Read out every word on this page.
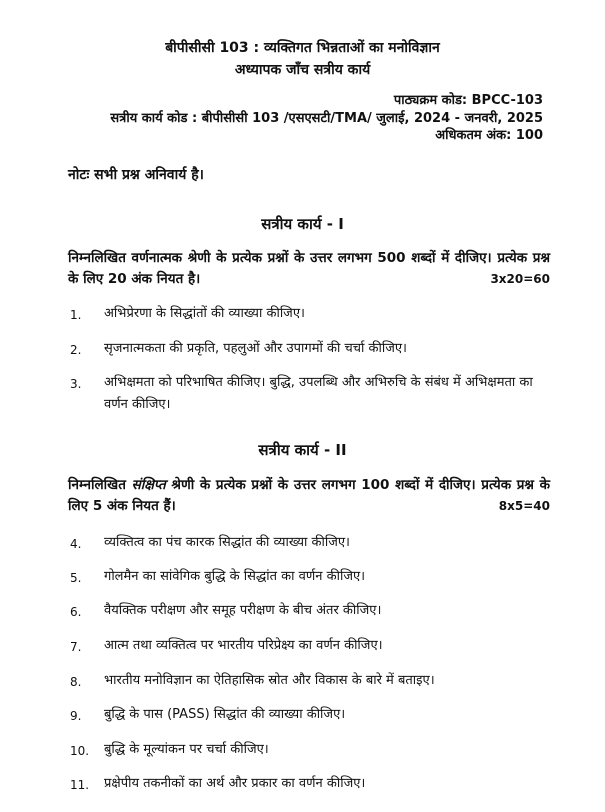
बीपीसीसी 103 : व्यक्तिगत भिन्नताओं का मनोविज्ञान
अध्यापक जाँच सत्रीय कार्य
पाठ्यक्रम कोड: BPCC-103
सत्रीय कार्य कोड : बीपीसीसी 103 /एसएसटी/TMA/ जुलाई, 2024 - जनवरी, 2025
अधिकतम अंक: 100
नोटः सभी प्रश्न अनिवार्य है।
सत्रीय कार्य - I
निम्नलिखित वर्णनात्मक श्रेणी के प्रत्येक प्रश्नों के उत्तर लगभग 500 शब्दों में दीजिए। प्रत्येक प्रश्न के लिए 20 अंक नियत है।	3x20=60
1. अभिप्रेरणा के सिद्धांतों की व्याख्या कीजिए।
2. सृजनात्मकता की प्रकृति, पहलुओं और उपागमों की चर्चा कीजिए।
3. अभिक्षमता को परिभाषित कीजिए। बुद्धि, उपलब्धि और अभिरुचि के संबंध में अभिक्षमता का वर्णन कीजिए।
सत्रीय कार्य - II
निम्नलिखित संक्षिप्त श्रेणी के प्रत्येक प्रश्नों के उत्तर लगभग 100 शब्दों में दीजिए। प्रत्येक प्रश्न के लिए 5 अंक नियत हैं।	8x5=40
4. व्यक्तित्व का पंच कारक सिद्धांत की व्याख्या कीजिए।
5. गोलमैन का सांवेगिक बुद्धि के सिद्धांत का वर्णन कीजिए।
6. वैयक्तिक परीक्षण और समूह परीक्षण के बीच अंतर कीजिए।
7. आत्म तथा व्यक्तित्व पर भारतीय परिप्रेक्ष्य का वर्णन कीजिए।
8. भारतीय मनोविज्ञान का ऐतिहासिक स्रोत और विकास के बारे में बताइए।
9. बुद्धि के पास (PASS) सिद्धांत की व्याख्या कीजिए।
10. बुद्धि के मूल्यांकन पर चर्चा कीजिए।
11. प्रक्षेपीय तकनीकों का अर्थ और प्रकार का वर्णन कीजिए।
